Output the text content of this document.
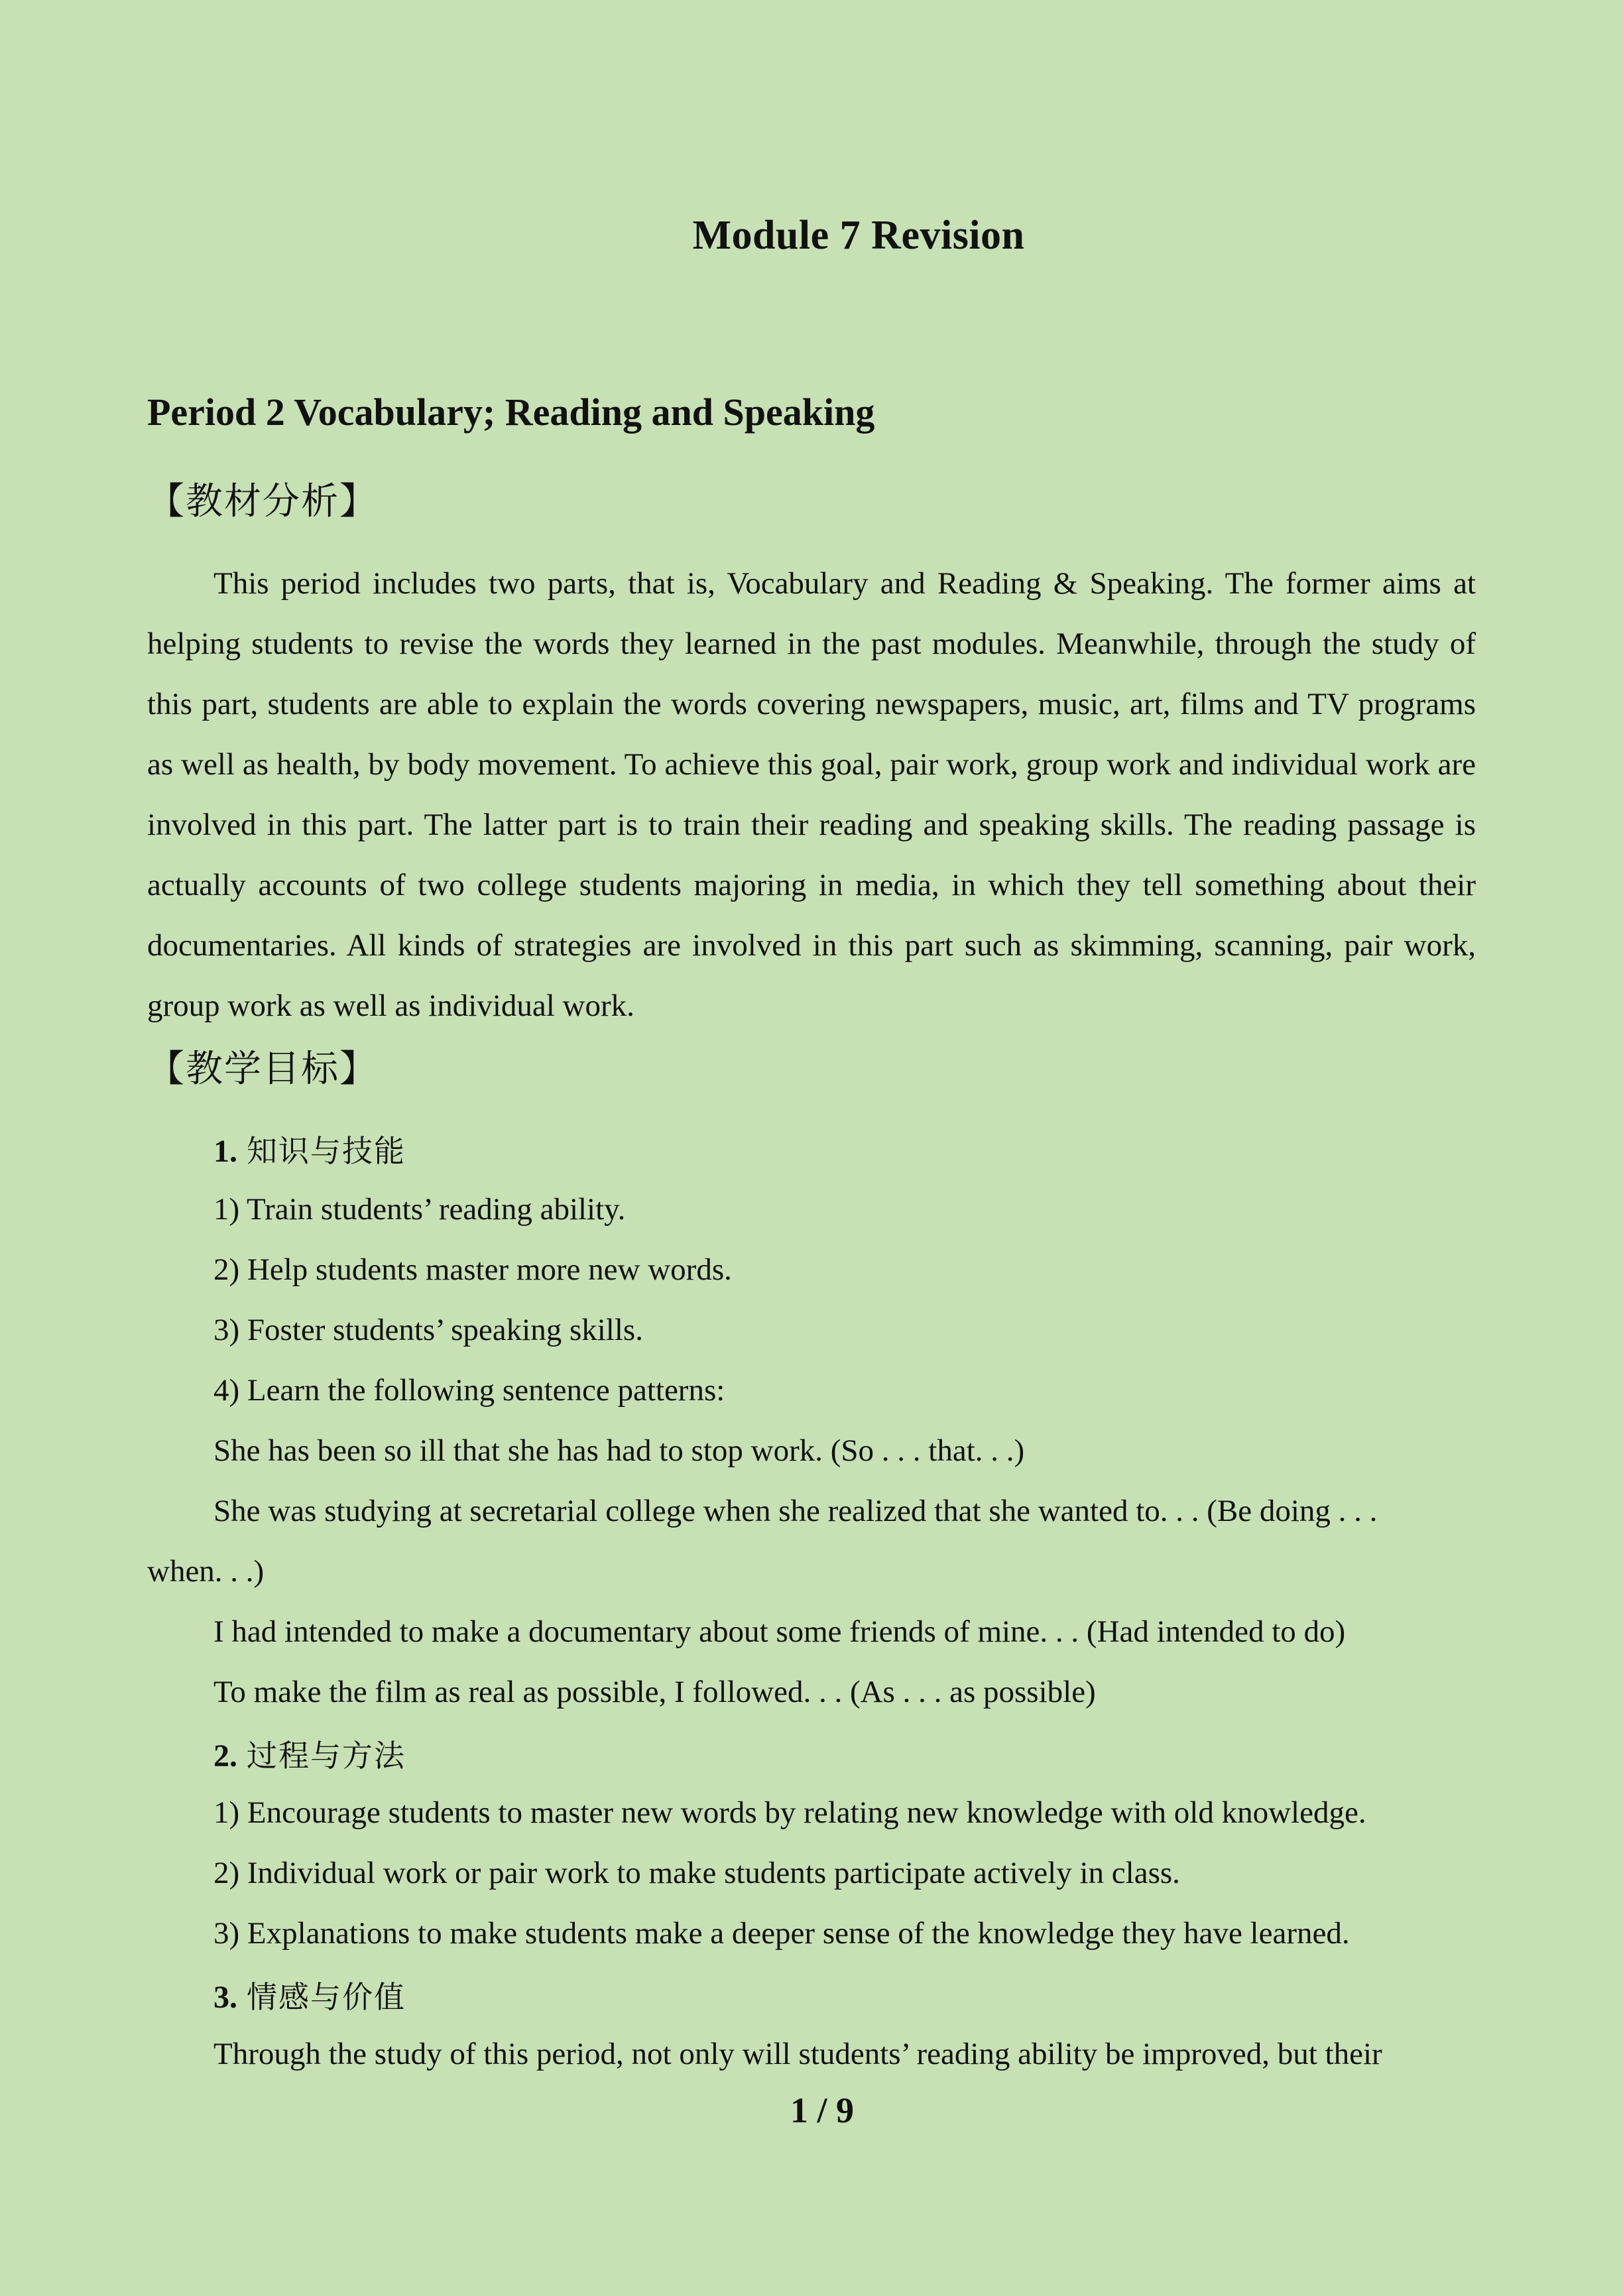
Module 7 Revision
Period 2 Vocabulary; Reading and Speaking
【教材分析】

This period includes two parts, that is, Vocabulary and Reading & Speaking. The former aims at helping students to revise the words they learned in the past modules. Meanwhile, through the study of this part, students are able to explain the words covering newspapers, music, art, films and TV programs as well as health, by body movement. To achieve this goal, pair work, group work and individual work are involved in this part. The latter part is to train their reading and speaking skills. The reading passage is actually accounts of two college students majoring in media, in which they tell something about their documentaries. All kinds of strategies are involved in this part such as skimming, scanning, pair work, group work as well as individual work.

【教学目标】
1. 知识与技能
1) Train students’ reading ability.
2) Help students master more new words.
3) Foster students’ speaking skills.
4) Learn the following sentence patterns:
She has been so ill that she has had to stop work. (So . . . that. . .)
She was studying at secretarial college when she realized that she wanted to. . . (Be doing . . .
when. . .)
I had intended to make a documentary about some friends of mine. . . (Had intended to do)
To make the film as real as possible, I followed. . . (As . . . as possible)
2. 过程与方法
1) Encourage students to master new words by relating new knowledge with old knowledge.
2) Individual work or pair work to make students participate actively in class.
3) Explanations to make students make a deeper sense of the knowledge they have learned.
3. 情感与价值
Through the study of this period, not only will students’ reading ability be improved, but their
1 / 9
